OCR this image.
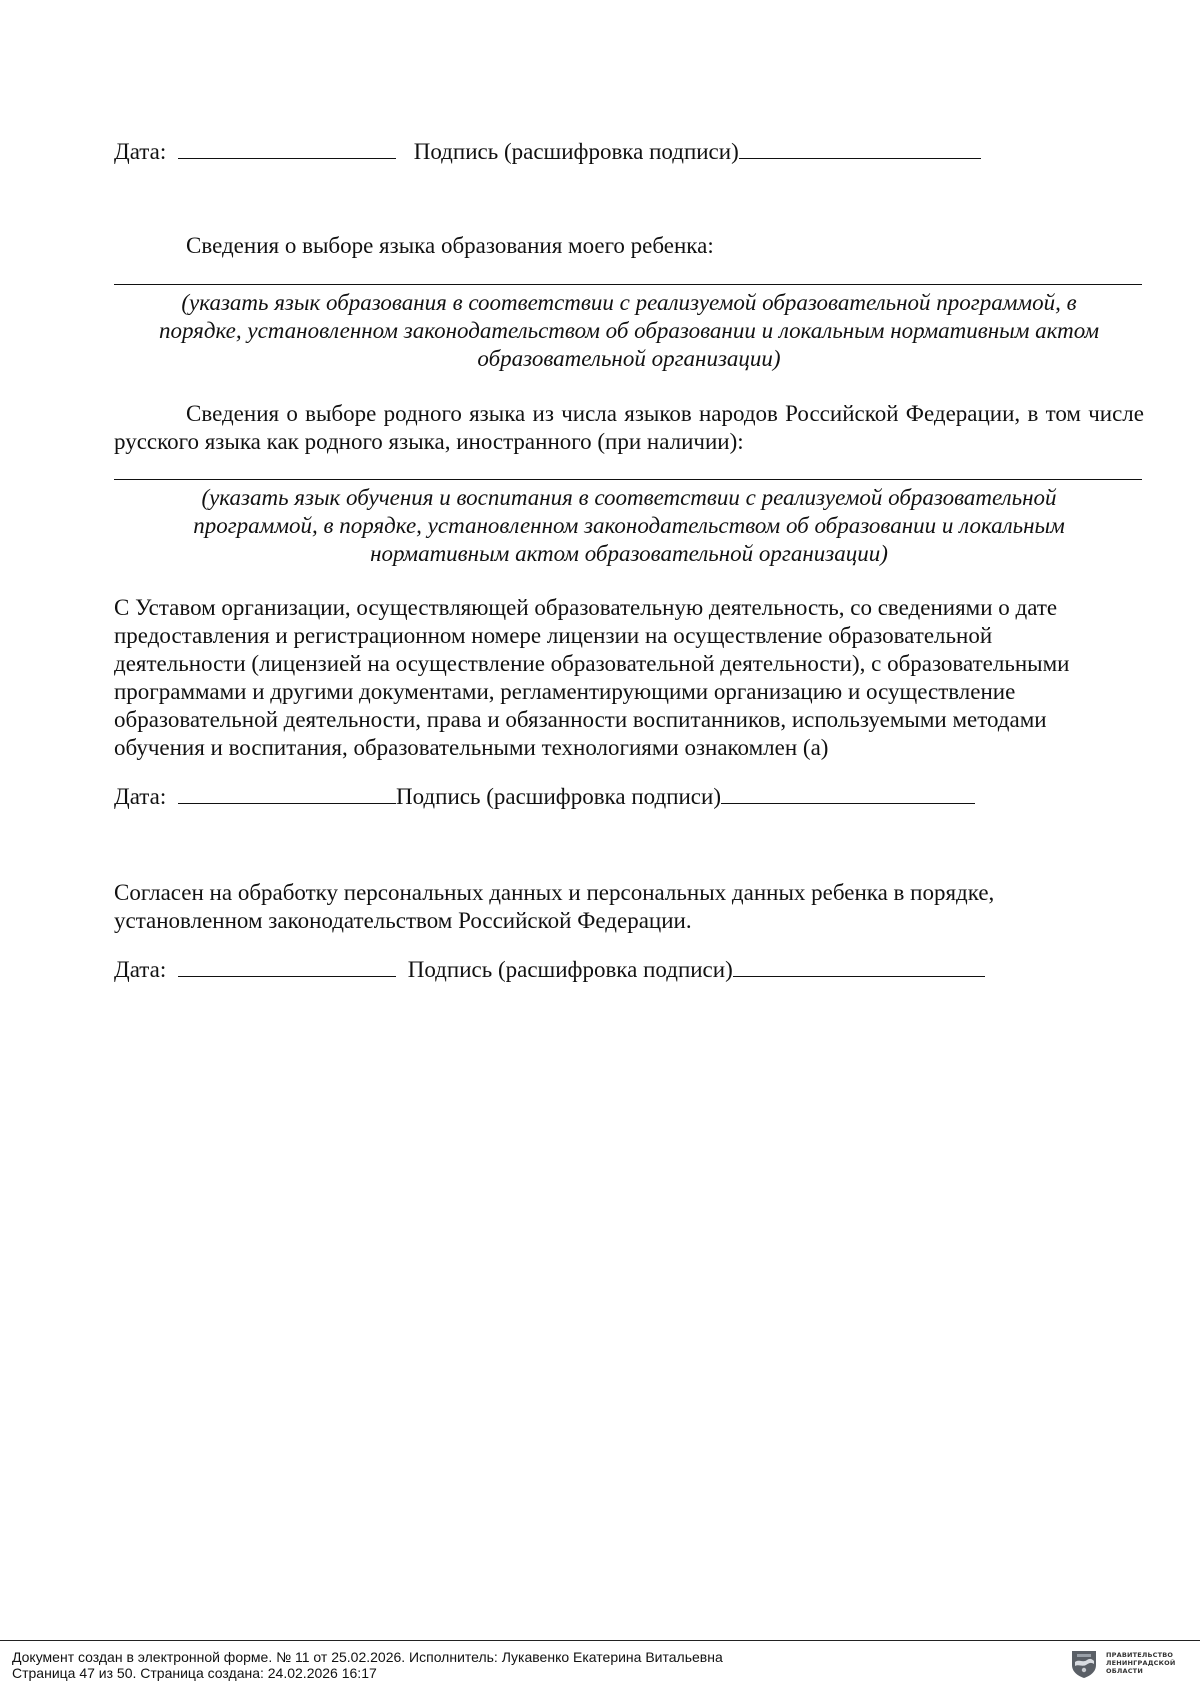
Дата:	Подпись (расшифровка подписи)
Сведения о выборе языка образования моего ребенка:
(указать язык образования в соответствии с реализуемой образовательной программой, в
порядке, установленном законодательством об образовании и локальным нормативным актом
образовательной организации)
Сведения о выборе родного языка из числа языков народов Российской Федерации, в том числе русского языка как родного языка, иностранного (при наличии):
(указать язык обучения и воспитания в соответствии с реализуемой образовательной
программой, в порядке, установленном законодательством об образовании и локальным
нормативным актом образовательной организации)
С Уставом организации, осуществляющей образовательную деятельность, со сведениями о дате
предоставления и регистрационном номере лицензии на осуществление образовательной
деятельности (лицензией на осуществление образовательной деятельности), с образовательными
программами и другими документами, регламентирующими организацию и осуществление
образовательной деятельности, права и обязанности воспитанников, используемыми методами
обучения и воспитания, образовательными технологиями ознакомлен (а)
Дата:	Подпись (расшифровка подписи)
Согласен на обработку персональных данных и персональных данных ребенка в порядке,
установленном законодательством Российской Федерации.
Дата:	Подпись (расшифровка подписи)
Документ создан в электронной форме. № 11 от 25.02.2026. Исполнитель: Лукавенко Екатерина Витальевна
Страница 47 из 50. Страница создана: 24.02.2026 16:17
ПРАВИТЕЛЬСТВО
ЛЕНИНГРАДСКОЙ
ОБЛАСТИ
